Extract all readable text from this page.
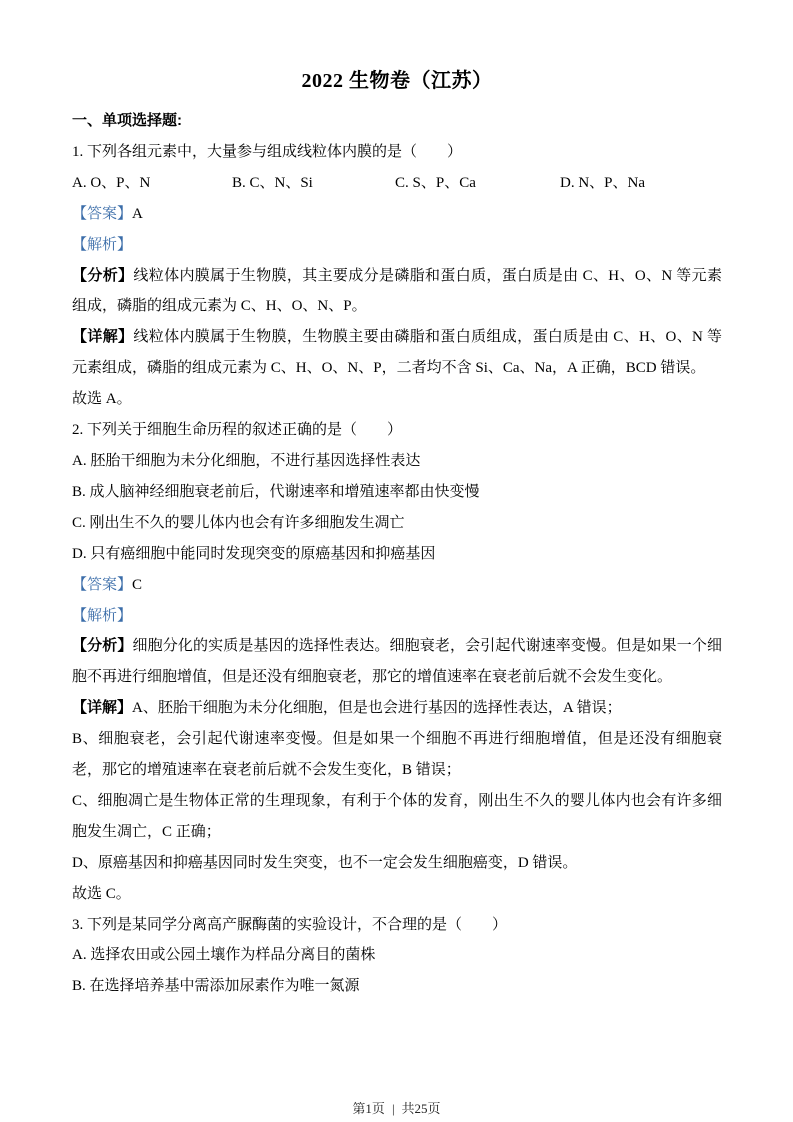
2022 生物卷（江苏）

一、单项选择题:

1. 下列各组元素中，大量参与组成线粒体内膜的是（　　）

A. O、P、N	B. C、N、Si	C. S、P、Ca	D. N、P、Na

【答案】A

【解析】

【分析】线粒体内膜属于生物膜，其主要成分是磷脂和蛋白质，蛋白质是由 C、H、O、N 等元素组成，磷脂的组成元素为 C、H、O、N、P。

【详解】线粒体内膜属于生物膜，生物膜主要由磷脂和蛋白质组成，蛋白质是由 C、H、O、N 等元素组成，磷脂的组成元素为 C、H、O、N、P，二者均不含 Si、Ca、Na，A 正确，BCD 错误。

故选 A。

2. 下列关于细胞生命历程的叙述正确的是（　　）

A. 胚胎干细胞为未分化细胞，不进行基因选择性表达

B. 成人脑神经细胞衰老前后，代谢速率和增殖速率都由快变慢

C. 刚出生不久的婴儿体内也会有许多细胞发生凋亡

D. 只有癌细胞中能同时发现突变的原癌基因和抑癌基因

【答案】C

【解析】

【分析】细胞分化的实质是基因的选择性表达。细胞衰老，会引起代谢速率变慢。但是如果一个细胞不再进行细胞增值，但是还没有细胞衰老，那它的增值速率在衰老前后就不会发生变化。

【详解】A、胚胎干细胞为未分化细胞，但是也会进行基因的选择性表达，A 错误；

B、细胞衰老，会引起代谢速率变慢。但是如果一个细胞不再进行细胞增值，但是还没有细胞衰老，那它的增殖速率在衰老前后就不会发生变化，B 错误；

C、细胞凋亡是生物体正常的生理现象，有利于个体的发育，刚出生不久的婴儿体内也会有许多细胞发生凋亡，C 正确；

D、原癌基因和抑癌基因同时发生突变，也不一定会发生细胞癌变，D 错误。

故选 C。

3. 下列是某同学分离高产脲酶菌的实验设计，不合理的是（　　）

A. 选择农田或公园土壤作为样品分离目的菌株

B. 在选择培养基中需添加尿素作为唯一氮源

第1页 | 共25页
